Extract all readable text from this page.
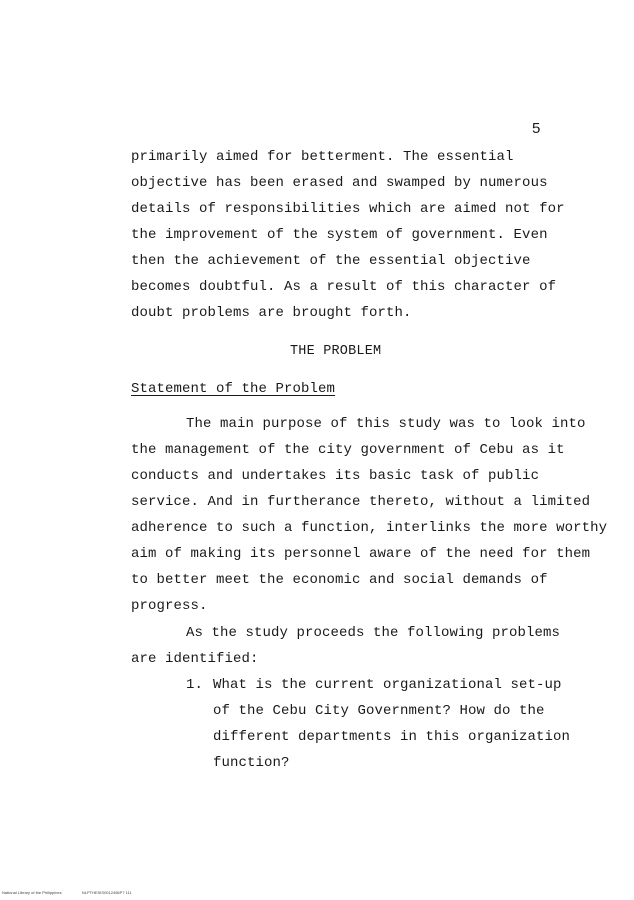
5
primarily aimed for betterment. The essential
objective has been erased and swamped by numerous
details of responsibilities which are aimed not for
the improvement of the system of government. Even
then the achievement of the essential objective
becomes doubtful. As a result of this character of
doubt problems are brought forth.
THE PROBLEM
Statement of the Problem
The main purpose of this study was to look into
the management of the city government of Cebu as it
conducts and undertakes its basic task of public
service. And in furtherance thereto, without a limited
adherence to such a function, interlinks the more worthy
aim of making its personnel aware of the need for them
to better meet the economic and social demands of
progress.
As the study proceeds the following problems
are identified:
1. What is the current organizational set-up
of the Cebu City Government? How do the
different departments in this organization
function?
National Library of the Philippines	NLPTHESIS0012456P7 111
